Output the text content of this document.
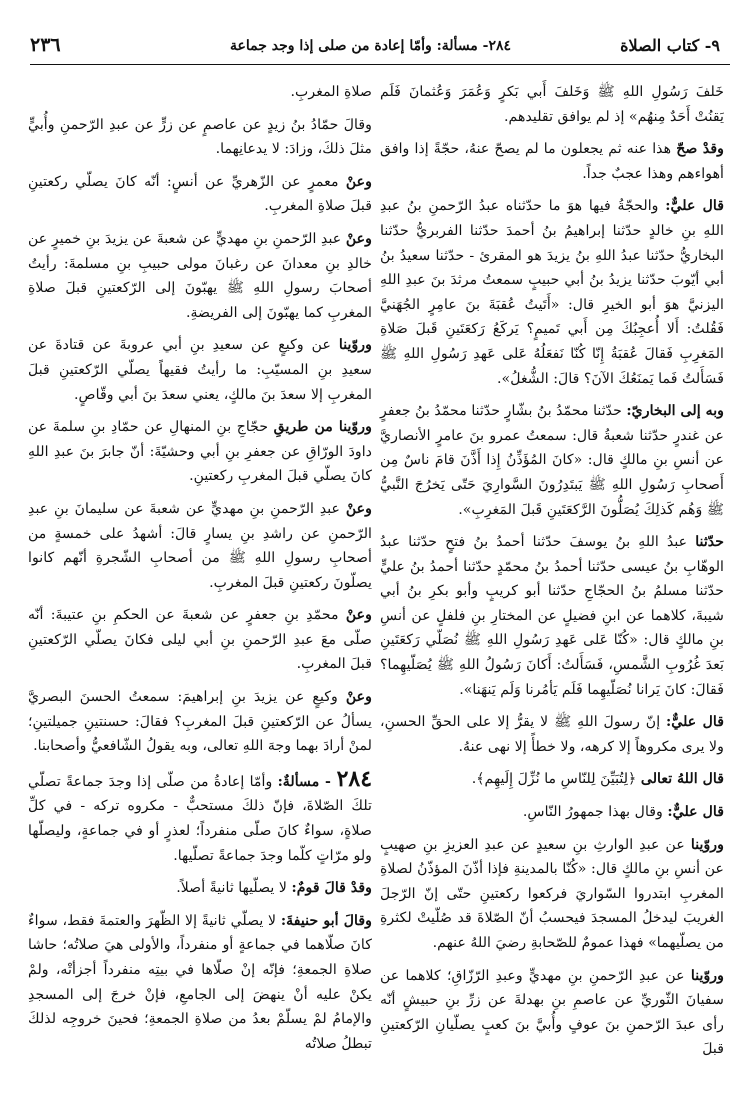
٩- كتاب الصلاة
٢٨٤- مسألة: وأمّا إعادة من صلى إذا وجد جماعة
٢٣٦

خَلفَ رَسُولِ اللهِ ﷺ وَخَلفَ أَبي بَكرٍ وَعُمَرَ وَعُثمانَ فَلَم يَقنُتْ أَحَدٌ مِنهُم» إذ لم يوافق تقليدهم.

وقدْ صحّ هذا عنه ثم يجعلون ما لم يصحّ عنهُ، حجّةً إذا وافق أهواءهم وهذا عجبٌ جداً.

قال عليٌّ: والحجّةُ فيها هوَ ما حدّثناه عبدُ الرّحمنِ بنُ عبدِ اللهِ بنِ خالدٍ حدّثنا إبراهيمُ بنُ أحمدَ حدّثنا الفربريُّ حدّثنا البخاريُّ حدّثنا عبدُ اللهِ بنُ يزيدَ هو المقرئ - حدّثنا سعيدُ بنُ أبي أيّوبَ حدّثنا يزيدُ بنُ أبي حبيبٍ سمعتُ مرثدَ بنَ عبدِ اللهِ اليزنيَّ هوَ أبو الخيرِ قال: «أَتَيتُ عُقبَةَ بنَ عامِرٍ الجُهَنيَّ فَقُلتُ: أَلا أُعجِبُكَ مِن أَبي تَميمٍ؟ يَركَعُ رَكعَتَينِ قَبلَ صَلاةِ المَغرِبِ فَقالَ عُقبَةُ إِنّا كُنّا نَفعَلُهُ عَلى عَهدِ رَسُولِ اللهِ ﷺ فَسَأَلتُ فَما يَمنَعُكَ الآنَ؟ قالَ: الشُّغلُ».

وبه إلى البخاريّ: حدّثنا محمّدُ بنُ بشّارٍ حدّثنا محمّدُ بنُ جعفرٍ عن غندرٍ حدّثنا شعبةُ قال: سمعتُ عمرو بنَ عامرٍ الأنصاريَّ عن أنسِ بنِ مالكٍ قال: «كانَ المُؤَذِّنُ إِذا أَذَّنَ قامَ ناسٌ مِن أَصحابِ رَسُولِ اللهِ ﷺ يَبتَدِرُونَ السَّوارِيَ حَتّى يَخرُجَ النَّبيُّ ﷺ وَهُم كَذلِكَ يُصَلُّونَ الرَّكعَتَينِ قَبلَ المَغرِبِ».

حدّثنا عبدُ اللهِ بنُ يوسفَ حدّثنا أحمدُ بنُ فتحٍ حدّثنا عبدُ الوهّابِ بنُ عيسى حدّثنا أحمدُ بنُ محمّدٍ حدّثنا أحمدُ بنُ عليٍّ حدّثنا مسلمُ بنُ الحجّاجِ حدّثنا أبو كريبٍ وأبو بكرِ بنُ أبي شيبةَ، كلاهما عن ابنِ فضيلٍ عن المختارِ بنِ فلفلٍ عن أنسِ بنِ مالكٍ قال: «كُنّا عَلى عَهدِ رَسُولِ اللهِ ﷺ نُصَلّي رَكعَتَينِ بَعدَ غُرُوبِ الشَّمسِ، فَسَأَلتُ: أَكانَ رَسُولُ اللهِ ﷺ يُصَلّيهِما؟ فَقالَ: كانَ يَرانا نُصَلّيهِما فَلَم يَأمُرنا وَلَم يَنهَنا».

قال عليٌّ: إنّ رسولَ اللهِ ﷺ لا يقرُّ إلا على الحقِّ الحسنِ، ولا يرى مكروهاً إلا كرهه، ولا خطأً إلا نهى عنهُ.

قال اللهُ تعالى ﴿لِتُبَيِّنَ لِلنّاسِ ما نُزِّلَ إِلَيهِم﴾.

قال عليٌّ: وقال بهذا جمهورُ النّاسِ.

وروّينا عن عبدِ الوارثِ بنِ سعيدٍ عن عبدِ العزيزِ بنِ صهيبٍ عن أنسِ بنِ مالكٍ قال: «كُنّا بالمدينةِ فإذا أذّنَ المؤذّنُ لصلاةِ المغربِ ابتدروا السّواريَ فركعوا ركعتينِ حتّى إنّ الرّجلَ الغريبَ ليدخلُ المسجدَ فيحسبُ أنّ الصّلاةَ قد صُلّيتْ لكثرةِ من يصلّيهما» فهذا عمومٌ للصّحابةِ رضيَ اللهُ عنهم.

وروّينا عن عبدِ الرّحمنِ بنِ مهديٍّ وعبدِ الرّزّاقِ؛ كلاهما عن سفيانَ الثّوريِّ عن عاصمِ بنِ بهدلةَ عن زرِّ بنِ حبيشٍ أنّه رأى عبدَ الرّحمنِ بنَ عوفٍ وأُبيَّ بنَ كعبٍ يصلّيانِ الرّكعتينِ قبلَ

صلاةِ المغربِ.

وقالَ حمّادُ بنُ زيدٍ عن عاصمٍ عن زرٍّ عن عبدِ الرّحمنِ وأُبيٍّ مثلَ ذلكَ، وزادَ: لا يدعانِهما.

وعنْ معمرٍ عن الزّهريِّ عن أنسٍ: أنّه كانَ يصلّي ركعتينِ قبلَ صلاةِ المغربِ.

وعنْ عبدِ الرّحمنِ بنِ مهديٍّ عن شعبةَ عن يزيدَ بنِ خميرٍ عن خالدِ بنِ معدانَ عن رغبانَ مولى حبيبِ بنِ مسلمةَ: رأيتُ أصحابَ رسولِ اللهِ ﷺ يهبّونَ إلى الرّكعتينِ قبلَ صلاةِ المغربِ كما يهبّونَ إلى الفريضةِ.

وروّينا عن وكيعٍ عن سعيدِ بنِ أبي عروبةَ عن قتادةَ عن سعيدِ بنِ المسيّبِ: ما رأيتُ فقيهاً يصلّي الرّكعتينِ قبلَ المغربِ إلا سعدَ بنَ مالكٍ، يعني سعدَ بنَ أبي وقّاصٍ.

وروّينا من طريقِ حجّاجِ بنِ المنهالِ عن حمّادِ بنِ سلمةَ عن داودَ الورّاقِ عن جعفرِ بنِ أبي وحشيّةَ: أنّ جابرَ بنَ عبدِ اللهِ كانَ يصلّي قبلَ المغربِ ركعتينِ.

وعنْ عبدِ الرّحمنِ بنِ مهديٍّ عن شعبةَ عن سليمانَ بنِ عبدِ الرّحمنِ عن راشدِ بنِ يسارٍ قالَ: أشهدُ على خمسةٍ من أصحابِ رسولِ اللهِ ﷺ من أصحابِ الشّجرةِ أنّهم كانوا يصلّونَ ركعتينِ قبلَ المغربِ.

وعنْ محمّدِ بنِ جعفرٍ عن شعبةَ عن الحكمِ بنِ عتيبةَ: أنّه صلّى معَ عبدِ الرّحمنِ بنِ أبي ليلى فكانَ يصلّي الرّكعتينِ قبلَ المغربِ.

وعنْ وكيعٍ عن يزيدَ بنِ إبراهيمَ: سمعتُ الحسنَ البصريَّ يسألُ عن الرّكعتينِ قبلَ المغربِ؟ فقالَ: حسنتينِ جميلتينِ؛ لمنْ أرادَ بهما وجهَ اللهِ تعالى، وبه يقولُ الشّافعيُّ وأصحابنا.

٢٨٤ - مسألةٌ: وأمّا إعادةُ من صلّى إذا وجدَ جماعةً تصلّي تلكَ الصّلاةَ، فإنّ ذلكَ مستحبٌّ - مكروه تركه - في كلِّ صلاةٍ، سواءٌ كانَ صلّى منفرداً؛ لعذرٍ أو في جماعةٍ، وليصلّها ولو مرّاتٍ كلّما وجدَ جماعةً تصلّيها.

وقدْ قالَ قومٌ: لا يصلّيها ثانيةً أصلاً.

وقالَ أبو حنيفةَ: لا يصلّي ثانيةً إلا الظّهرَ والعتمةَ فقط، سواءٌ كانَ صلّاهما في جماعةٍ أو منفرداً، والأولى هيَ صلاتُه؛ حاشا صلاةِ الجمعةِ؛ فإنّه إنْ صلّاها في بيتِه منفرداً أجزأتْه، ولمْ يكنْ عليه أنْ ينهضَ إلى الجامعِ، فإنْ خرجَ إلى المسجدِ والإمامُ لمْ يسلّمْ بعدُ من صلاةِ الجمعةِ؛ فحينَ خروجِه لذلكَ تبطلُ صلاتُه
